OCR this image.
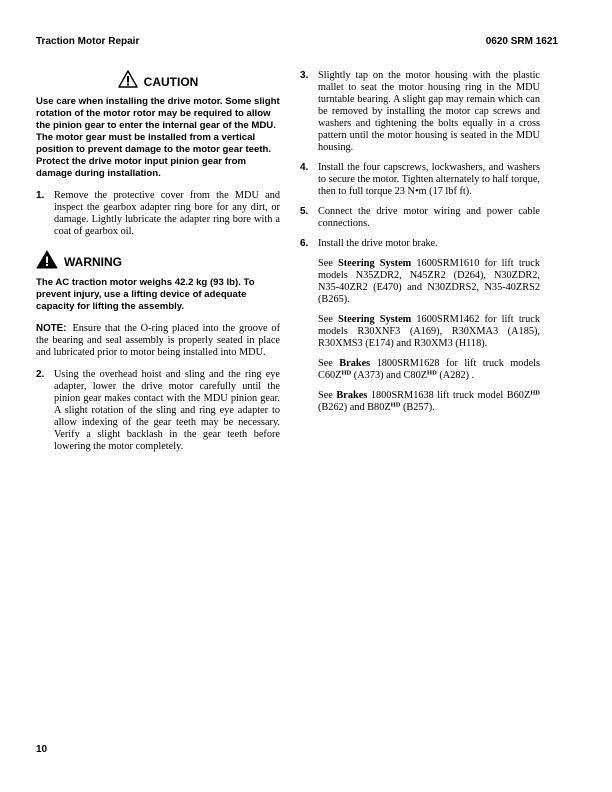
Traction Motor Repair	0620 SRM 1621
CAUTION
Use care when installing the drive motor. Some slight rotation of the motor rotor may be required to allow the pinion gear to enter the internal gear of the MDU. The motor gear must be installed from a vertical position to prevent damage to the motor gear teeth. Protect the drive motor input pinion gear from damage during installation.
1. Remove the protective cover from the MDU and inspect the gearbox adapter ring bore for any dirt, or damage. Lightly lubricate the adapter ring bore with a coat of gearbox oil.
WARNING
The AC traction motor weighs 42.2 kg (93 lb). To prevent injury, use a lifting device of adequate capacity for lifting the assembly.
NOTE: Ensure that the O-ring placed into the groove of the bearing and seal assembly is properly seated in place and lubricated prior to motor being installed into MDU.
2. Using the overhead hoist and sling and the ring eye adapter, lower the drive motor carefully until the pinion gear makes contact with the MDU pinion gear. A slight rotation of the sling and ring eye adapter to allow indexing of the gear teeth may be necessary. Verify a slight backlash in the gear teeth before lowering the motor completely.
3. Slightly tap on the motor housing with the plastic mallet to seat the motor housing ring in the MDU turntable bearing. A slight gap may remain which can be removed by installing the motor cap screws and washers and tightening the bolts equally in a cross pattern until the motor housing is seated in the MDU housing.
4. Install the four capscrews, lockwashers, and washers to secure the motor. Tighten alternately to half torque, then to full torque 23 N•m (17 lbf ft).
5. Connect the drive motor wiring and power cable connections.
6. Install the drive motor brake.
See Steering System 1600SRM1610 for lift truck models N35ZDR2, N45ZR2 (D264), N30ZDR2, N35-40ZR2 (E470) and N30ZDRS2, N35-40ZRS2 (B265).
See Steering System 1600SRM1462 for lift truck models R30XNF3 (A169), R30XMA3 (A185), R30XMS3 (E174) and R30XM3 (H118).
See Brakes 1800SRM1628 for lift truck models $C60Z^{HD}$ (A373) and $C80Z^{HD}$ (A282) .
See Brakes 1800SRM1638 lift truck model $B60Z^{HD}$ (B262) and $B80Z^{HD}$ (B257).
10
